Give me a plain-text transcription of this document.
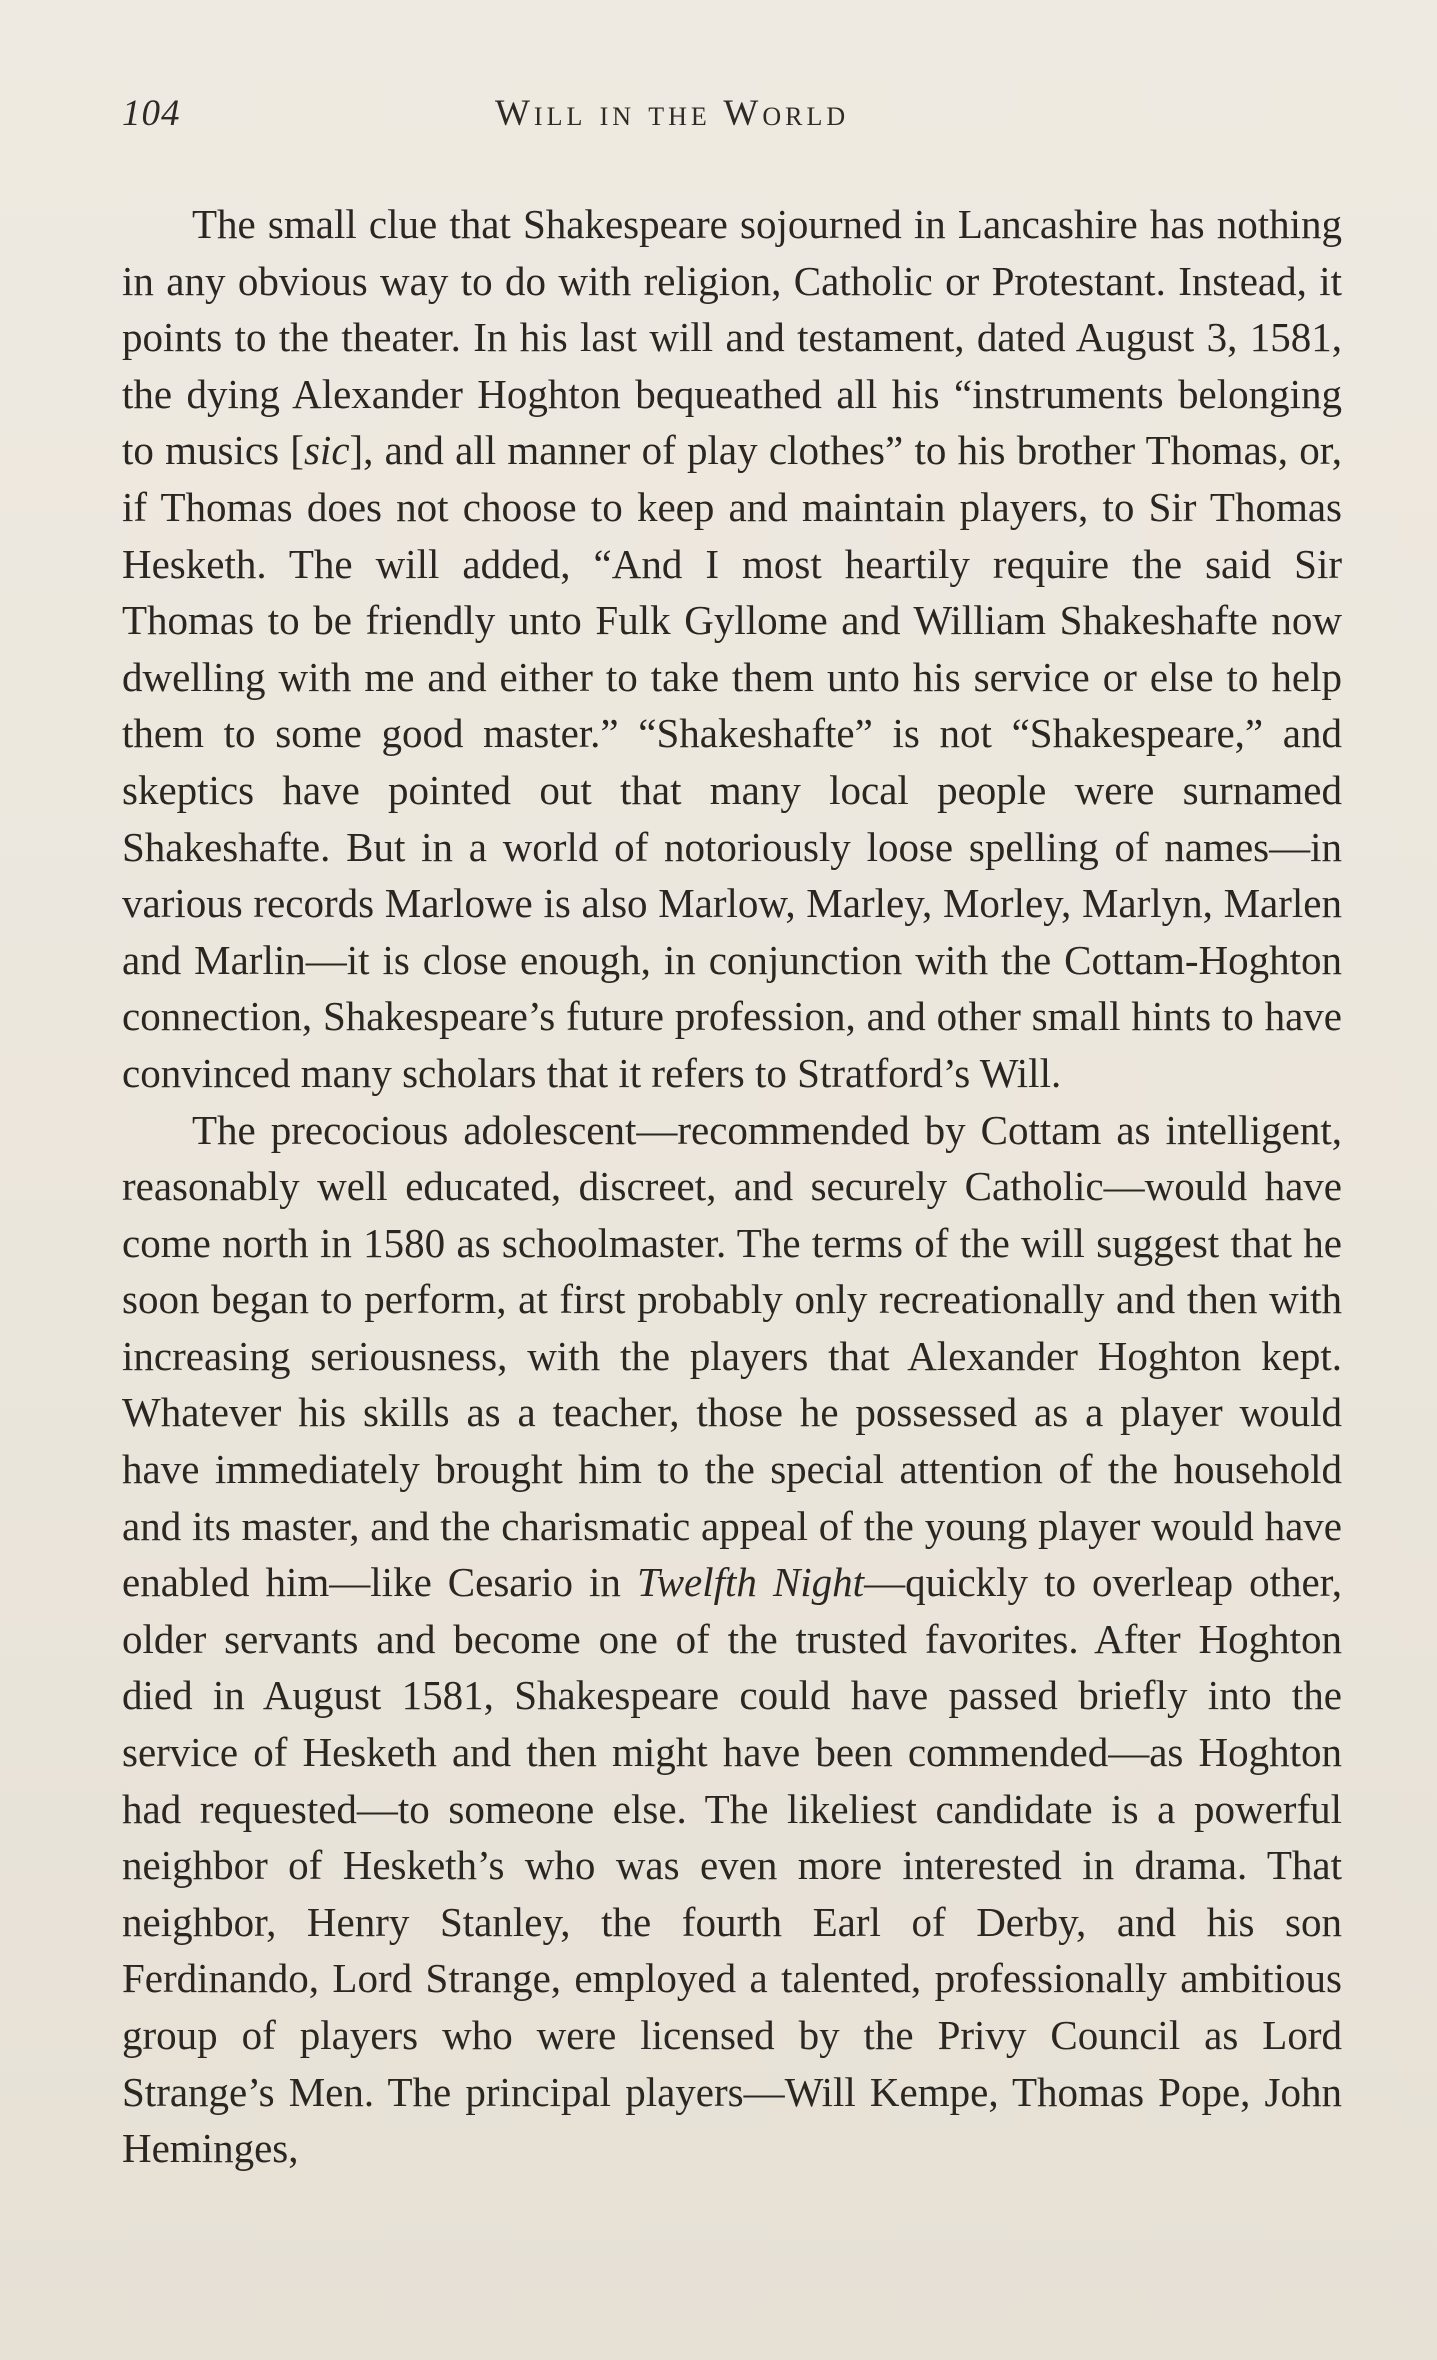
104	Will in the World

The small clue that Shakespeare sojourned in Lancashire has nothing in any obvious way to do with religion, Catholic or Protestant. Instead, it points to the theater. In his last will and testament, dated August 3, 1581, the dying Alexander Hoghton bequeathed all his “instruments belonging to musics [sic], and all manner of play clothes” to his brother Thomas, or, if Thomas does not choose to keep and maintain players, to Sir Thomas Hesketh. The will added, “And I most heartily require the said Sir Thomas to be friendly unto Fulk Gyllome and William Shakeshafte now dwelling with me and either to take them unto his service or else to help them to some good master.” “Shakeshafte” is not “Shakespeare,” and skeptics have pointed out that many local people were surnamed Shakeshafte. But in a world of notoriously loose spelling of names—in various records Marlowe is also Marlow, Marley, Morley, Marlyn, Marlen and Marlin—it is close enough, in conjunction with the Cottam-Hoghton connection, Shakespeare’s future profession, and other small hints to have convinced many scholars that it refers to Stratford’s Will.

The precocious adolescent—recommended by Cottam as intelligent, reasonably well educated, discreet, and securely Catholic—would have come north in 1580 as schoolmaster. The terms of the will suggest that he soon began to perform, at first probably only recreationally and then with increasing seriousness, with the players that Alexander Hoghton kept. Whatever his skills as a teacher, those he possessed as a player would have immediately brought him to the special attention of the household and its master, and the charismatic appeal of the young player would have enabled him—like Cesario in Twelfth Night—quickly to overleap other, older servants and become one of the trusted favorites. After Hoghton died in August 1581, Shakespeare could have passed briefly into the service of Hesketh and then might have been commended—as Hoghton had requested—to someone else. The likeliest candidate is a powerful neighbor of Hesketh’s who was even more interested in drama. That neighbor, Henry Stanley, the fourth Earl of Derby, and his son Ferdinando, Lord Strange, employed a talented, professionally ambitious group of players who were licensed by the Privy Council as Lord Strange’s Men. The principal players—Will Kempe, Thomas Pope, John Heminges,
